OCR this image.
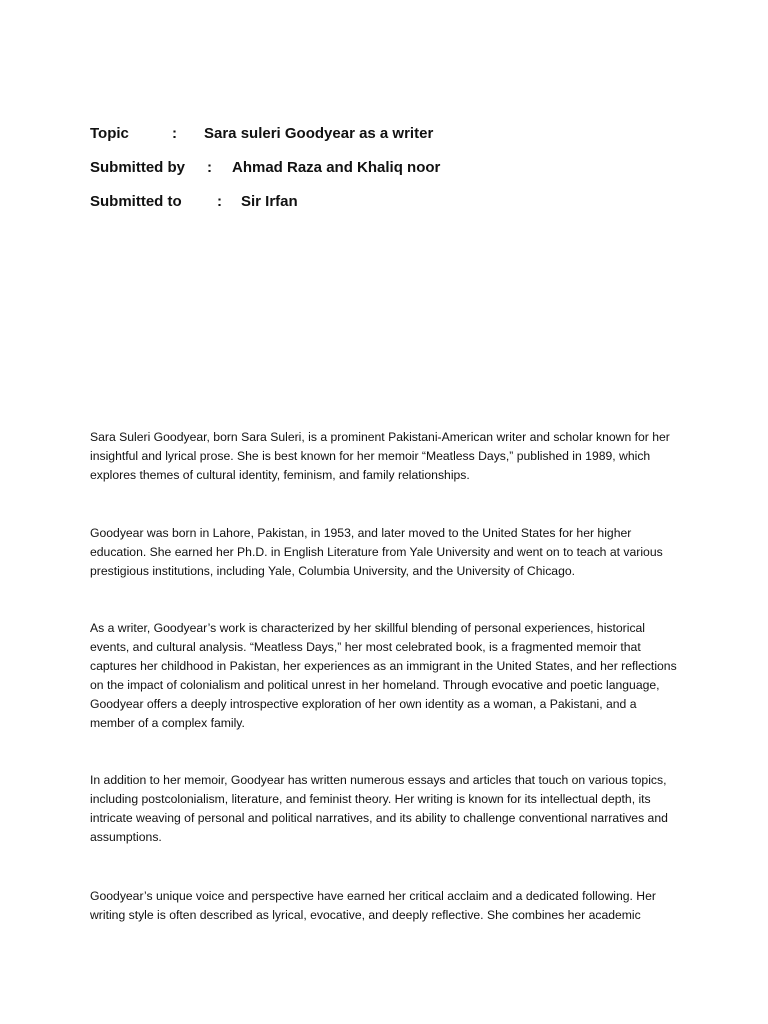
Topic	: Sara suleri Goodyear as a writer
Submitted by : Ahmad Raza and Khaliq noor
Submitted to : Sir Irfan

Sara Suleri Goodyear, born Sara Suleri, is a prominent Pakistani-American writer and scholar known for her insightful and lyrical prose. She is best known for her memoir “Meatless Days,” published in 1989, which explores themes of cultural identity, feminism, and family relationships.

Goodyear was born in Lahore, Pakistan, in 1953, and later moved to the United States for her higher education. She earned her Ph.D. in English Literature from Yale University and went on to teach at various prestigious institutions, including Yale, Columbia University, and the University of Chicago.

As a writer, Goodyear’s work is characterized by her skillful blending of personal experiences, historical events, and cultural analysis. “Meatless Days,” her most celebrated book, is a fragmented memoir that captures her childhood in Pakistan, her experiences as an immigrant in the United States, and her reflections on the impact of colonialism and political unrest in her homeland. Through evocative and poetic language, Goodyear offers a deeply introspective exploration of her own identity as a woman, a Pakistani, and a member of a complex family.

In addition to her memoir, Goodyear has written numerous essays and articles that touch on various topics, including postcolonialism, literature, and feminist theory. Her writing is known for its intellectual depth, its intricate weaving of personal and political narratives, and its ability to challenge conventional narratives and assumptions.

Goodyear’s unique voice and perspective have earned her critical acclaim and a dedicated following. Her writing style is often described as lyrical, evocative, and deeply reflective. She combines her academic
